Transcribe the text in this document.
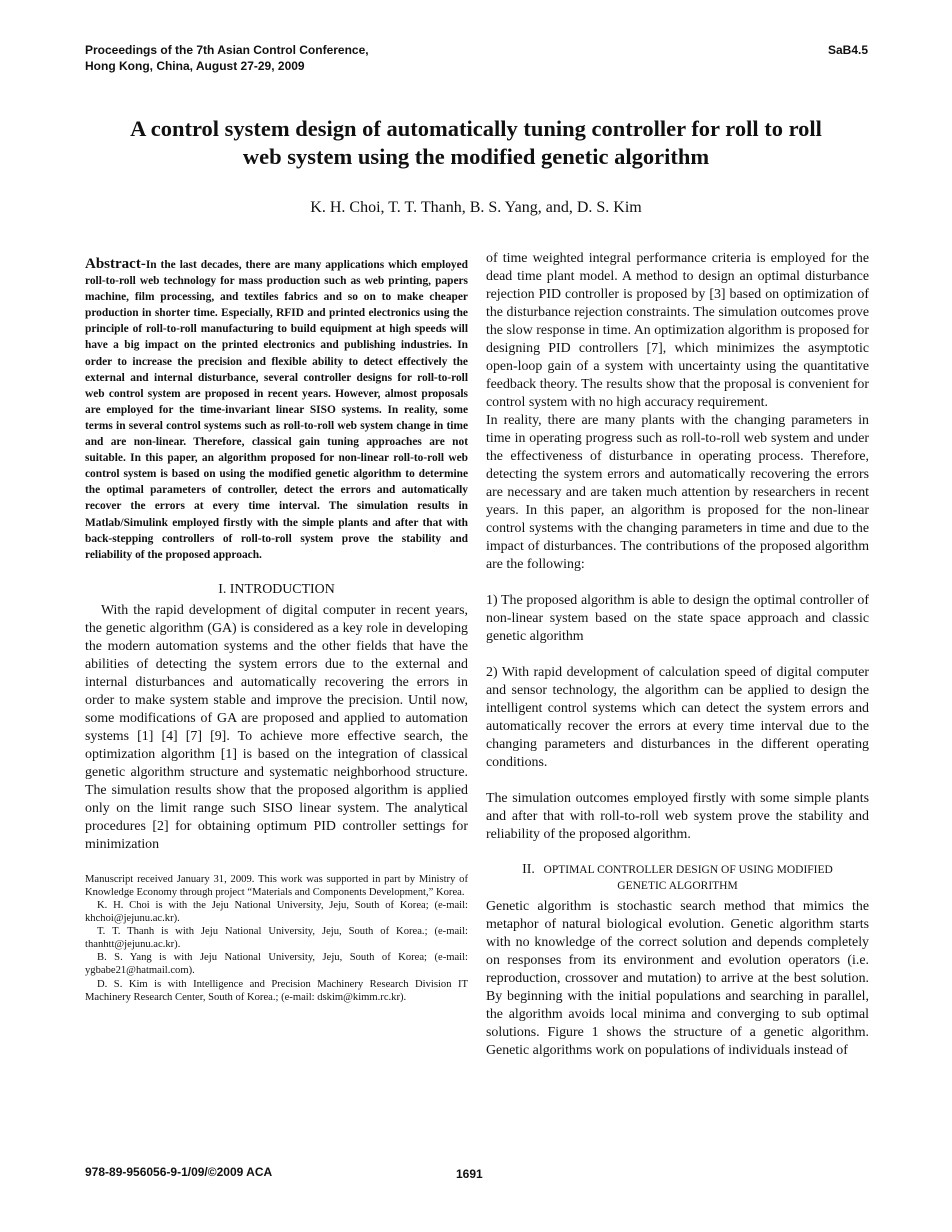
Proceedings of the 7th Asian Control Conference,
Hong Kong, China, August 27-29, 2009
SaB4.5
A control system design of automatically tuning controller for roll to roll
web system using the modified genetic algorithm
K. H. Choi, T. T. Thanh, B. S. Yang, and, D. S. Kim

Abstract-In the last decades, there are many applications which employed roll-to-roll web technology for mass production such as web printing, papers machine, film processing, and textiles fabrics and so on to make cheaper production in shorter time. Especially, RFID and printed electronics using the principle of roll-to-roll manufacturing to build equipment at high speeds will have a big impact on the printed electronics and publishing industries. In order to increase the precision and flexible ability to detect effectively the external and internal disturbance, several controller designs for roll-to-roll web control system are proposed in recent years. However, almost proposals are employed for the time-invariant linear SISO systems. In reality, some terms in several control systems such as roll-to-roll web system change in time and are non-linear. Therefore, classical gain tuning approaches are not suitable. In this paper, an algorithm proposed for non-linear roll-to-roll web control system is based on using the modified genetic algorithm to determine the optimal parameters of controller, detect the errors and automatically recover the errors at every time interval. The simulation results in Matlab/Simulink employed firstly with the simple plants and after that with back-stepping controllers of roll-to-roll system prove the stability and reliability of the proposed approach.

I. INTRODUCTION

With the rapid development of digital computer in recent years, the genetic algorithm (GA) is considered as a key role in developing the modern automation systems and the other fields that have the abilities of detecting the system errors due to the external and internal disturbances and automatically recovering the errors in order to make system stable and improve the precision. Until now, some modifications of GA are proposed and applied to automation systems [1] [4] [7] [9]. To achieve more effective search, the optimization algorithm [1] is based on the integration of classical genetic algorithm structure and systematic neighborhood structure. The simulation results show that the proposed algorithm is applied only on the limit range such SISO linear system. The analytical procedures [2] for obtaining optimum PID controller settings for minimization

Manuscript received January 31, 2009. This work was supported in part by Ministry of Knowledge Economy through project “Materials and Components Development,” Korea.

K. H. Choi is with the Jeju National University, Jeju, South of Korea; (e-mail: khchoi@jejunu.ac.kr).

T. T. Thanh is with Jeju National University, Jeju, South of Korea.; (e-mail: thanhtt@jejunu.ac.kr).

B. S. Yang is with Jeju National University, Jeju, South of Korea; (e-mail: ygbabe21@hatmail.com).

D. S. Kim is with Intelligence and Precision Machinery Research Division IT Machinery Research Center, South of Korea.; (e-mail: dskim@kimm.rc.kr).

of time weighted integral performance criteria is employed for the dead time plant model. A method to design an optimal disturbance rejection PID controller is proposed by [3] based on optimization of the disturbance rejection constraints. The simulation outcomes prove the slow response in time. An optimization algorithm is proposed for designing PID controllers [7], which minimizes the asymptotic open-loop gain of a system with uncertainty using the quantitative feedback theory. The results show that the proposal is convenient for control system with no high accuracy requirement.

In reality, there are many plants with the changing parameters in time in operating progress such as roll-to-roll web system and under the effectiveness of disturbance in operating process. Therefore, detecting the system errors and automatically recovering the errors are necessary and are taken much attention by researchers in recent years. In this paper, an algorithm is proposed for the non-linear control systems with the changing parameters in time and due to the impact of disturbances. The contributions of the proposed algorithm are the following:

1) The proposed algorithm is able to design the optimal controller of non-linear system based on the state space approach and classic genetic algorithm

2) With rapid development of calculation speed of digital computer and sensor technology, the algorithm can be applied to design the intelligent control systems which can detect the system errors and automatically recover the errors at every time interval due to the changing parameters and disturbances in the different operating conditions.

The simulation outcomes employed firstly with some simple plants and after that with roll-to-roll web system prove the stability and reliability of the proposed algorithm.

II. OPTIMAL CONTROLLER DESIGN OF USING MODIFIED
GENETIC ALGORITHM

Genetic algorithm is stochastic search method that mimics the metaphor of natural biological evolution. Genetic algorithm starts with no knowledge of the correct solution and depends completely on responses from its environment and evolution operators (i.e. reproduction, crossover and mutation) to arrive at the best solution. By beginning with the initial populations and searching in parallel, the algorithm avoids local minima and converging to sub optimal solutions. Figure 1 shows the structure of a genetic algorithm. Genetic algorithms work on populations of individuals instead of

978-89-956056-9-1/09/©2009 ACA	1691
